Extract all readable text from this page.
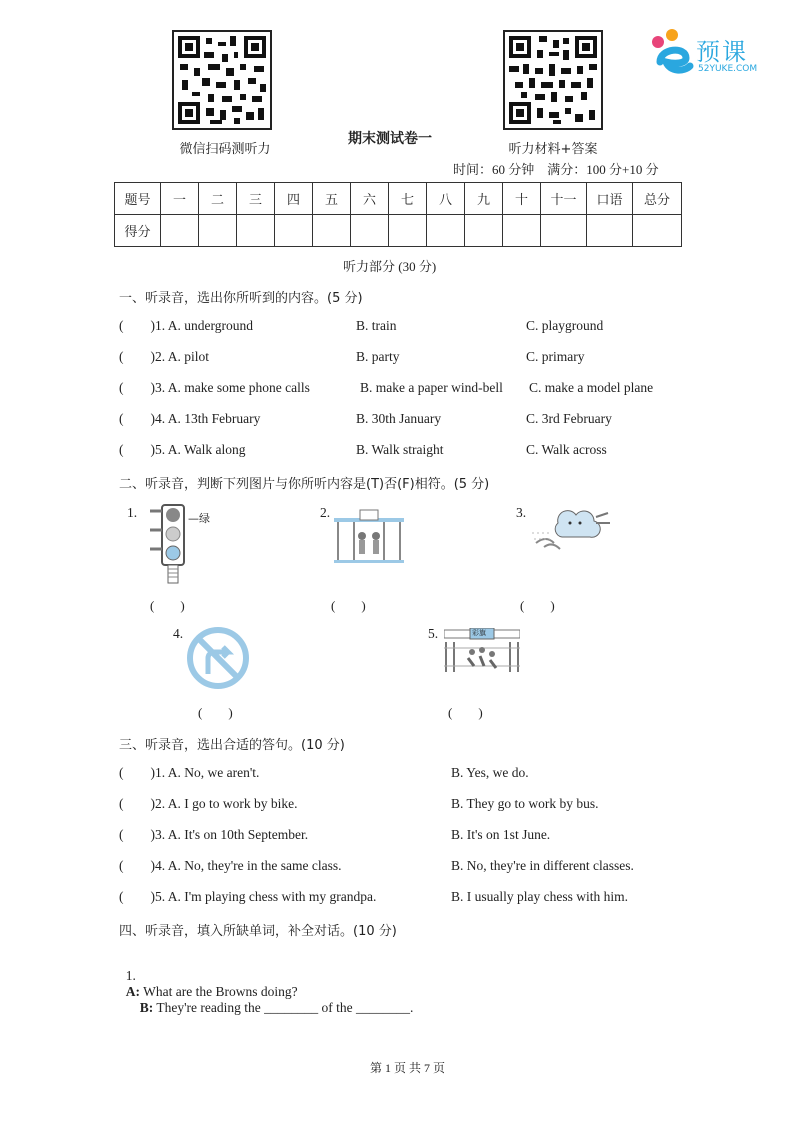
微信扫码测听力	听力材料+答案
期末测试卷一
预课
52YUKE.COM
时间：60 分钟    满分：100 分+10 分
题号	一	二	三	四	五	六	七	八	九	十	十一	口语	总分
得分													
听力部分 (30 分)
一、听录音，选出你所听到的内容。(5 分)
(        )1. A. underground	B. train	C. playground
(        )2. A. pilot	B. party	C. primary
(        )3. A. make some phone calls	B. make a paper wind-bell C. make a model plane
(        )4. A. 13th February	B. 30th January	C. 3rd February
(        )5. A. Walk along	B. Walk straight	C. Walk across
二、听录音，判断下列图片与你所听内容是(T)否(F)相符。(5 分)
1.	—绿
(        )
2.
(        )
3.
(        )
4.
(        )
5.	彩旗
(        )
三、听录音，选出合适的答句。(10 分)
(        )1. A. No, we aren't.	B. Yes, we do.
(        )2. A. I go to work by bike.	B. They go to work by bus.
(        )3. A. It's on 10th September.	B. It's on 1st June.
(        )4. A. No, they're in the same class.	B. No, they're in different classes.
(        )5. A. I'm playing chess with my grandpa.	B. I usually play chess with him.
四、听录音，填入所缺单词，补全对话。(10 分)

1.
A: What are the Browns doing?

B: They're reading the ________ of the ________.

第 1 页 共 7 页
